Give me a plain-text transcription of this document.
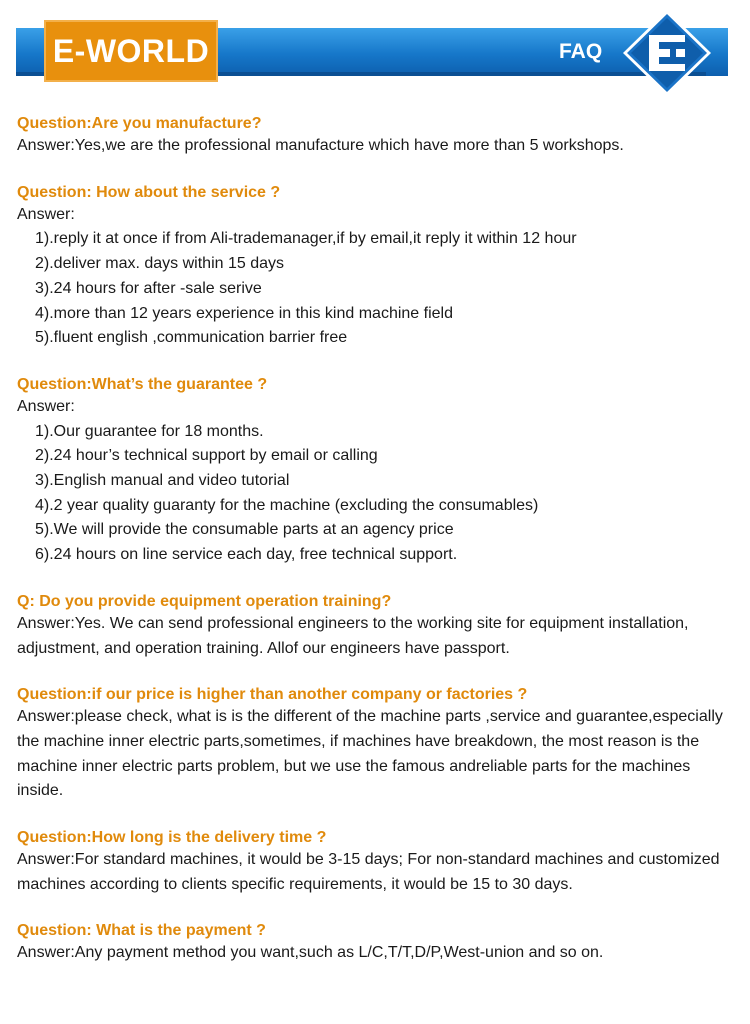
E-WORLD	FAQ
Question:Are you manufacture?
Answer:Yes,we are the professional manufacture which have more than 5 workshops.
Question: How about the service ?
Answer:
1).reply it at once if from Ali-trademanager,if by email,it reply it within 12 hour
2).deliver max. days within 15 days
3).24 hours for after -sale serive
4).more than 12 years experience in this kind machine field
5).fluent english ,communication barrier free
Question:What’s the guarantee ?
Answer:
1).Our guarantee for 18 months.
2).24 hour’s technical support by email or calling
3).English manual and video tutorial
4).2 year quality guaranty for the machine (excluding the consumables)
5).We will provide the consumable parts at an agency price
6).24 hours on line service each day, free technical support.
Q: Do you provide equipment operation training?
Answer:Yes. We can send professional engineers to the working site for equipment installation,
adjustment, and operation training. Allof our engineers have passport.
Question:if our price is higher than another company or factories ?
Answer:please check, what is is the different of the machine parts ,service and guarantee,especially
the machine inner electric parts,sometimes, if machines have breakdown, the most reason is the
machine inner electric parts problem, but we use the famous andreliable parts for the machines
inside.
Question:How long is the delivery time ?
Answer:For standard machines, it would be 3-15 days; For non-standard machines and customized
machines according to clients specific requirements, it would be 15 to 30 days.
Question: What is the payment ?
Answer:Any payment method you want,such as L/C,T/T,D/P,West-union and so on.
